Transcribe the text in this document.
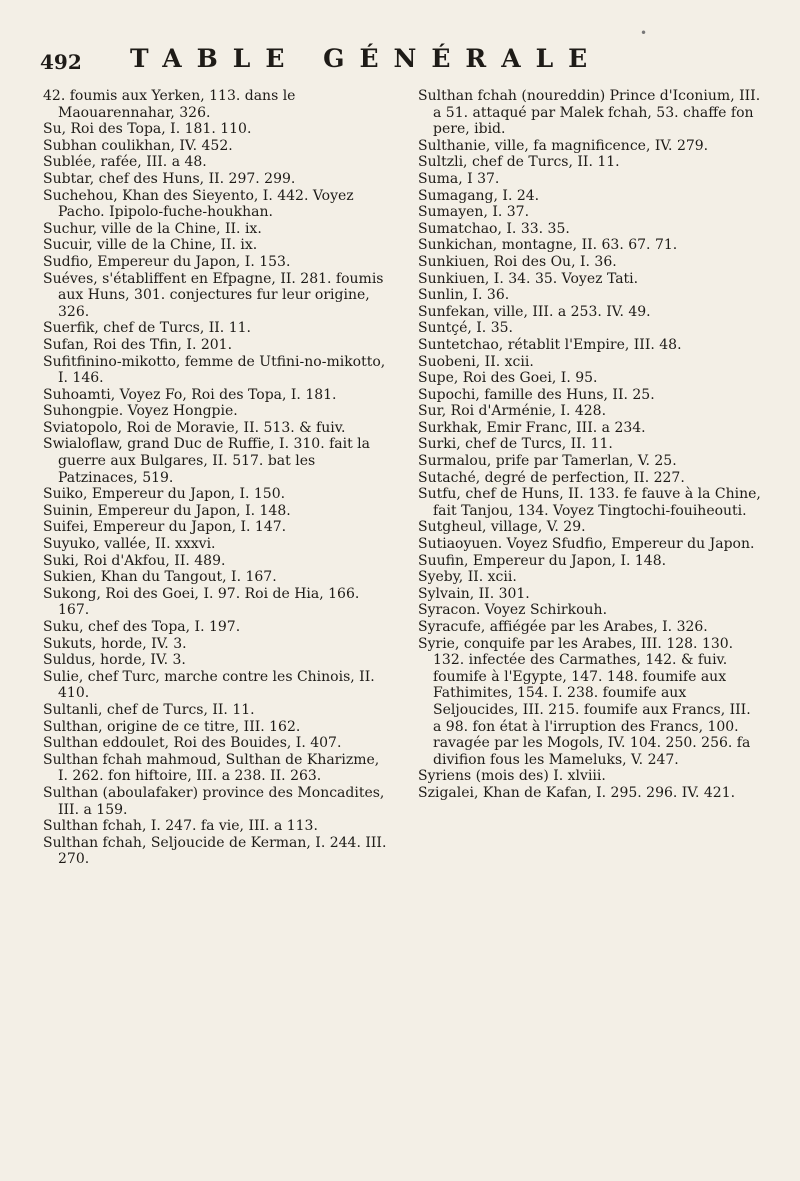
•
492 TABLE GÉNÉRALE

42. foumis aux Yerken, 113. dans le Maouarennahar, 326.

Su, Roi des Topa, I. 181. 110.

Subhan coulikhan, IV. 452.

Sublée, rafée, III. a 48.

Subtar, chef des Huns, II. 297. 299.

Suchehou, Khan des Sieyento, I. 442. Voyez Pacho. Ipipolo-fuche-houkhan.

Suchur, ville de la Chine, II. ix.

Sucuir, ville de la Chine, II. ix.

Sudfio, Empereur du Japon, I. 153.

Suéves, s'établiffent en Efpagne, II. 281. foumis aux Huns, 301. conjectures fur leur origine, 326.

Suerfik, chef de Turcs, II. 11.

Sufan, Roi des Tfin, I. 201.

Sufitfinino-mikotto, femme de Utfini-no-mikotto, I. 146.

Suhoamti, Voyez Fo, Roi des Topa, I. 181.

Suhongpie. Voyez Hongpie.

Sviatopolo, Roi de Moravie, II. 513. & fuiv.

Swialoflaw, grand Duc de Ruffie, I. 310. fait la guerre aux Bulgares, II. 517. bat les Patzinaces, 519.

Suiko, Empereur du Japon, I. 150.

Suinin, Empereur du Japon, I. 148.

Suifei, Empereur du Japon, I. 147.

Suyuko, vallée, II. xxxvi.

Suki, Roi d'Akfou, II. 489.

Sukien, Khan du Tangout, I. 167.

Sukong, Roi des Goei, I. 97. Roi de Hia, 166. 167.

Suku, chef des Topa, I. 197.

Sukuts, horde, IV. 3.

Suldus, horde, IV. 3.

Sulie, chef Turc, marche contre les Chinois, II. 410.

Sultanli, chef de Turcs, II. 11.

Sulthan, origine de ce titre, III. 162.

Sulthan eddoulet, Roi des Bouides, I. 407.

Sulthan fchah mahmoud, Sulthan de Kharizme, I. 262. fon hiftoire, III. a 238. II. 263.

Sulthan (aboulafaker) province des Moncadites, III. a 159.

Sulthan fchah, I. 247. fa vie, III. a 113.

Sulthan fchah, Seljoucide de Kerman, I. 244. III. 270.

Sulthan fchah (noureddin) Prince d'Iconium, III. a 51. attaqué par Malek fchah, 53. chaffe fon pere, ibid.

Sulthanie, ville, fa magnificence, IV. 279.

Sultzli, chef de Turcs, II. 11.

Suma, I 37.

Sumagang, I. 24.

Sumayen, I. 37.

Sumatchao, I. 33. 35.

Sunkichan, montagne, II. 63. 67. 71.

Sunkiuen, Roi des Ou, I. 36.

Sunkiuen, I. 34. 35. Voyez Tati.

Sunlin, I. 36.

Sunfekan, ville, III. a 253. IV. 49.

Suntçé, I. 35.

Suntetchao, rétablit l'Empire, III. 48.

Suobeni, II. xcii.

Supe, Roi des Goei, I. 95.

Supochi, famille des Huns, II. 25.

Sur, Roi d'Arménie, I. 428.

Surkhak, Emir Franc, III. a 234.

Surki, chef de Turcs, II. 11.

Surmalou, prife par Tamerlan, V. 25.

Sutaché, degré de perfection, II. 227.

Sutfu, chef de Huns, II. 133. fe fauve à la Chine, fait Tanjou, 134. Voyez Tingtochi-fouiheouti.

Sutgheul, village, V. 29.

Sutiaoyuen. Voyez Sfudfio, Empereur du Japon.

Suufin, Empereur du Japon, I. 148.

Syeby, II. xcii.

Sylvain, II. 301.

Syracon. Voyez Schirkouh.

Syracufe, affiégée par les Arabes, I. 326.

Syrie, conquife par les Arabes, III. 128. 130. 132. infectée des Carmathes, 142. & fuiv. foumife à l'Egypte, 147. 148. foumife aux Fathimites, 154. I. 238. foumife aux Seljoucides, III. 215. foumife aux Francs, III. a 98. fon état à l'irruption des Francs, 100. ravagée par les Mogols, IV. 104. 250. 256. fa divifion fous les Mameluks, V. 247.

Syriens (mois des) I. xlviii.

Szigalei, Khan de Kafan, I. 295. 296. IV. 421.
